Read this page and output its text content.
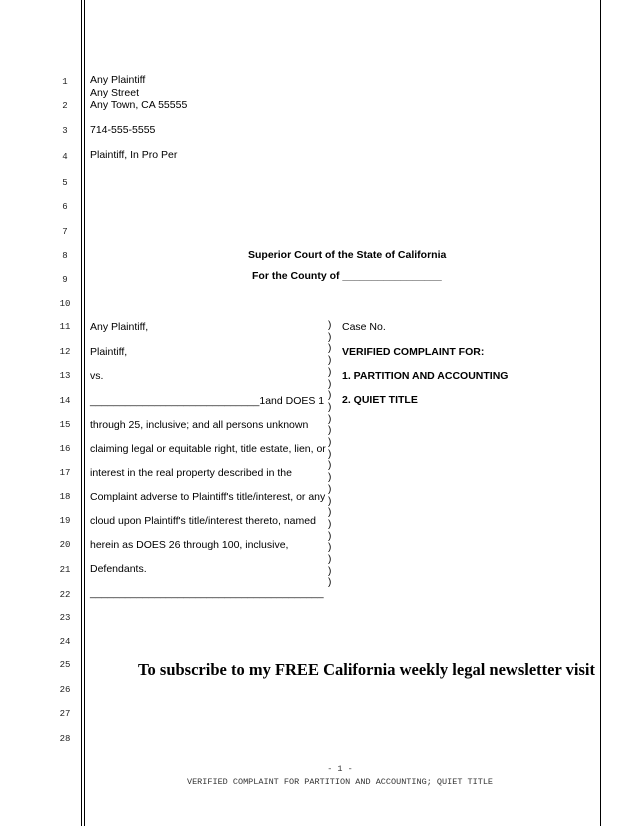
1
2
3
4
5
6
7
8
9
10
11
12
13
14
15
16
17
18
19
20
21
22
23
24
25
26
27
28
Any Plaintiff
Any Street
Any Town, CA 55555
714-555-5555
Plaintiff, In Pro Per
Superior Court of the State of California
For the County of _________________
Any Plaintiff,
Plaintiff,
vs.
_____________________________1and DOES 1
through 25, inclusive; and all persons unknown
claiming legal or equitable right, title estate, lien, or
interest in the real property described in the
Complaint adverse to Plaintiff's title/interest, or any
cloud upon Plaintiff's title/interest thereto, named
herein as DOES 26 through 100, inclusive,
Defendants.
________________________________________
)
)
)
)
)
)
)
)
)
)
)
)
)
)
)
)
)
)
)
)
)
)
)
Case No.
VERIFIED COMPLAINT FOR:
1. PARTITION AND ACCOUNTING
2. QUIET TITLE
To subscribe to my FREE California weekly legal newsletter visit
- 1 -
VERIFIED COMPLAINT FOR PARTITION AND ACCOUNTING; QUIET TITLE
